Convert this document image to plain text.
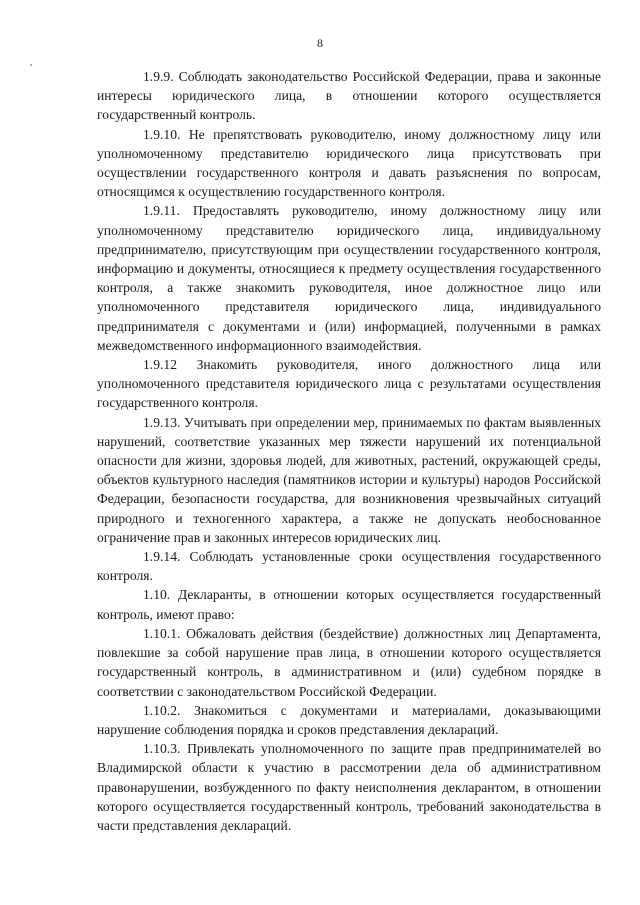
8
,

1.9.9. Соблюдать законодательство Российской Федерации, права и законные интересы юридического лица, в отношении которого осуществляется государственный контроль.

1.9.10. Не препятствовать руководителю, иному должностному лицу или уполномоченному представителю юридического лица присутствовать при осуществлении государственного контроля и давать разъяснения по вопросам, относящимся к осуществлению государственного контроля.

1.9.11. Предоставлять руководителю, иному должностному лицу или уполномоченному представителю юридического лица, индивидуальному предпринимателю, присутствующим при осуществлении государственного контроля, информацию и документы, относящиеся к предмету осуществления государственного контроля, а также знакомить руководителя, иное должностное лицо или уполномоченного представителя юридического лица, индивидуального предпринимателя с документами и (или) информацией, полученными в рамках межведомственного информационного взаимодействия.

1.9.12 Знакомить руководителя, иного должностного лица или уполномоченного представителя юридического лица с результатами осуществления государственного контроля.

1.9.13. Учитывать при определении мер, принимаемых по фактам выявленных нарушений, соответствие указанных мер тяжести нарушений их потенциальной опасности для жизни, здоровья людей, для животных, растений, окружающей среды, объектов культурного наследия (памятников истории и культуры) народов Российской Федерации, безопасности государства, для возникновения чрезвычайных ситуаций природного и техногенного характера, а также не допускать необоснованное ограничение прав и законных интересов юридических лиц.

1.9.14. Соблюдать установленные сроки осуществления государственного контроля.

1.10. Декларанты, в отношении которых осуществляется государственный контроль, имеют право:

1.10.1. Обжаловать действия (бездействие) должностных лиц Департамента, повлекшие за собой нарушение прав лица, в отношении которого осуществляется государственный контроль, в административном и (или) судебном порядке в соответствии с законодательством Российской Федерации.

1.10.2. Знакомиться с документами и материалами, доказывающими нарушение соблюдения порядка и сроков представления деклараций.

1.10.3. Привлекать уполномоченного по защите прав предпринимателей во Владимирской области к участию в рассмотрении дела об административном правонарушении, возбужденного по факту неисполнения декларантом, в отношении которого осуществляется государственный контроль, требований законодательства в части представления деклараций.
